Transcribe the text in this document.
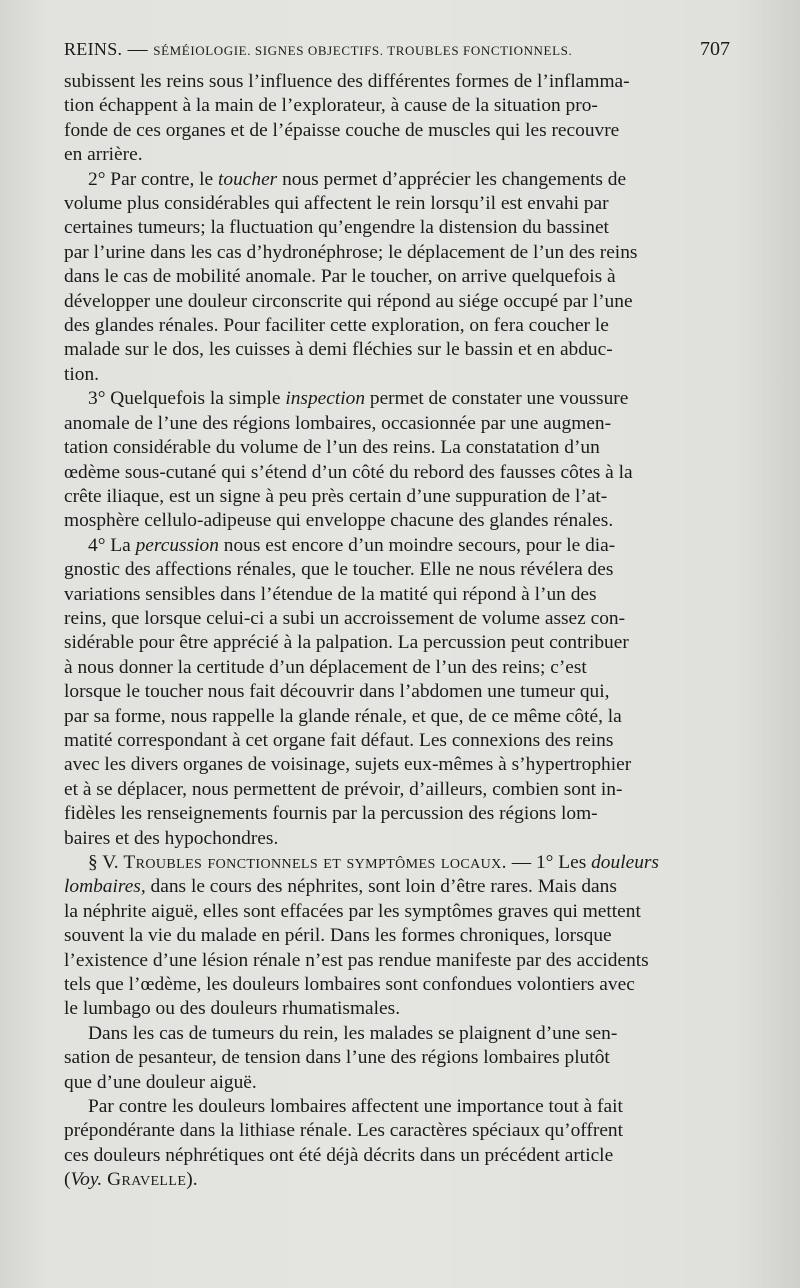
REINS. — SÉMÉIOLOGIE. SIGNES OBJECTIFS. TROUBLES FONCTIONNELS.	707
subissent les reins sous l’influence des différentes formes de l’inflamma-
tion échappent à la main de l’explorateur, à cause de la situation pro-
fonde de ces organes et de l’épaisse couche de muscles qui les recouvre
en arrière.
2° Par contre, le toucher nous permet d’apprécier les changements de
volume plus considérables qui affectent le rein lorsqu’il est envahi par
certaines tumeurs; la fluctuation qu’engendre la distension du bassinet
par l’urine dans les cas d’hydronéphrose; le déplacement de l’un des reins
dans le cas de mobilité anomale. Par le toucher, on arrive quelquefois à
développer une douleur circonscrite qui répond au siége occupé par l’une
des glandes rénales. Pour faciliter cette exploration, on fera coucher le
malade sur le dos, les cuisses à demi fléchies sur le bassin et en abduc-
tion.
3° Quelquefois la simple inspection permet de constater une voussure
anomale de l’une des régions lombaires, occasionnée par une augmen-
tation considérable du volume de l’un des reins. La constatation d’un
œdème sous-cutané qui s’étend d’un côté du rebord des fausses côtes à la
crête iliaque, est un signe à peu près certain d’une suppuration de l’at-
mosphère cellulo-adipeuse qui enveloppe chacune des glandes rénales.
4° La percussion nous est encore d’un moindre secours, pour le dia-
gnostic des affections rénales, que le toucher. Elle ne nous révélera des
variations sensibles dans l’étendue de la matité qui répond à l’un des
reins, que lorsque celui-ci a subi un accroissement de volume assez con-
sidérable pour être apprécié à la palpation. La percussion peut contribuer
à nous donner la certitude d’un déplacement de l’un des reins; c’est
lorsque le toucher nous fait découvrir dans l’abdomen une tumeur qui,
par sa forme, nous rappelle la glande rénale, et que, de ce même côté, la
matité correspondant à cet organe fait défaut. Les connexions des reins
avec les divers organes de voisinage, sujets eux-mêmes à s’hypertrophier
et à se déplacer, nous permettent de prévoir, d’ailleurs, combien sont in-
fidèles les renseignements fournis par la percussion des régions lom-
baires et des hypochondres.
§ V. Troubles fonctionnels et symptômes locaux. — 1° Les douleurs
lombaires, dans le cours des néphrites, sont loin d’être rares. Mais dans
la néphrite aiguë, elles sont effacées par les symptômes graves qui mettent
souvent la vie du malade en péril. Dans les formes chroniques, lorsque
l’existence d’une lésion rénale n’est pas rendue manifeste par des accidents
tels que l’œdème, les douleurs lombaires sont confondues volontiers avec
le lumbago ou des douleurs rhumatismales.
Dans les cas de tumeurs du rein, les malades se plaignent d’une sen-
sation de pesanteur, de tension dans l’une des régions lombaires plutôt
que d’une douleur aiguë.
Par contre les douleurs lombaires affectent une importance tout à fait
prépondérante dans la lithiase rénale. Les caractères spéciaux qu’offrent
ces douleurs néphrétiques ont été déjà décrits dans un précédent article
(Voy. Gravelle).
